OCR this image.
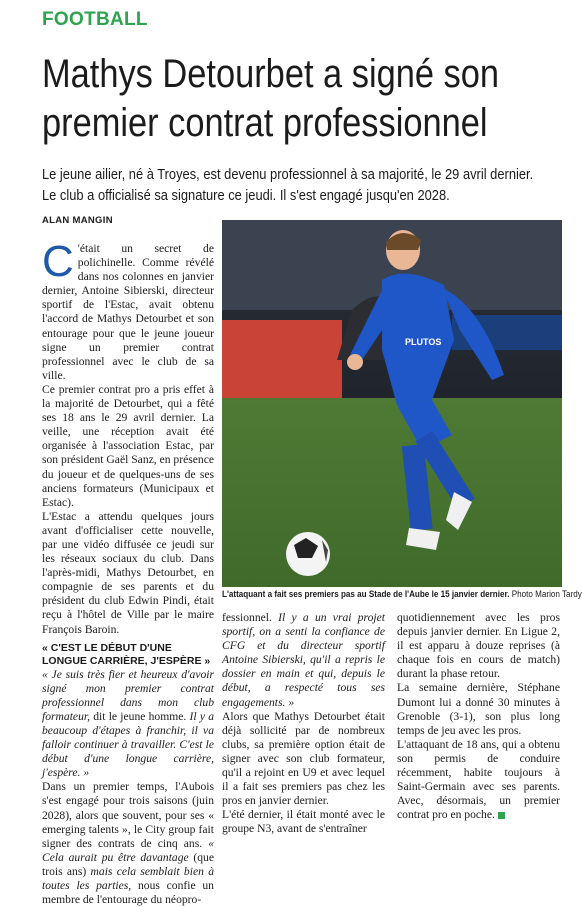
FOOTBALL
Mathys Detourbet a signé son
premier contrat professionnel
Le jeune ailier, né à Troyes, est devenu professionnel à sa majorité, le 29 avril dernier.
Le club a officialisé sa signature ce jeudi. Il s'est engagé jusqu'en 2028.
ALAN MANGIN

C 'était un secret de polichinelle. Comme révélé dans nos colonnes en janvier dernier, Antoine Sibierski, directeur sportif de l'Estac, avait obtenu l'accord de Mathys Detourbet et son entourage pour que le jeune joueur signe un premier contrat professionnel avec le club de sa ville.

Ce premier contrat pro a pris effet à la majorité de Detourbet, qui a fêté ses 18 ans le 29 avril dernier. La veille, une réception avait été organisée à l'association Estac, par son président Gaël Sanz, en présence du joueur et de quelques-uns de ses anciens formateurs (Municipaux et Estac).

L'Estac a attendu quelques jours avant d'officialiser cette nouvelle, par une vidéo diffusée ce jeudi sur les réseaux sociaux du club. Dans l'après-midi, Mathys Detourbet, en compagnie de ses parents et du président du club Edwin Pindi, était reçu à l'hôtel de Ville par le maire François Baroin.

« C'EST LE DÉBUT D'UNE LONGUE CARRIÈRE, J'ESPÈRE »

« Je suis très fier et heureux d'avoir signé mon premier contrat professionnel dans mon club formateur, dit le jeune homme. Il y a beaucoup d'étapes à franchir, il va falloir continuer à travailler. C'est le début d'une longue carrière, j'espère. »

Dans un premier temps, l'Aubois s'est engagé pour trois saisons (juin 2028), alors que souvent, pour ses « emerging talents », le City group fait signer des contrats de cinq ans. « Cela aurait pu être davantage (que trois ans) mais cela semblait bien à toutes les parties, nous confie un membre de l'entourage du néopro-

PLUTOS
L'attaquant a fait ses premiers pas au Stade de l'Aube le 15 janvier dernier. Photo Marion Tardy

fessionnel. Il y a un vrai projet sportif, on a senti la confiance de CFG et du directeur sportif Antoine Sibierski, qu'il a repris le dossier en main et qui, depuis le début, a respecté tous ses engagements. »

Alors que Mathys Detourbet était déjà sollicité par de nombreux clubs, sa première option était de signer avec son club formateur, qu'il a rejoint en U9 et avec lequel il a fait ses premiers pas chez les pros en janvier dernier.

L'été dernier, il était monté avec le groupe N3, avant de s'entraîner

quotidiennement avec les pros depuis janvier dernier. En Ligue 2, il est apparu à douze reprises (à chaque fois en cours de match) durant la phase retour.

La semaine dernière, Stéphane Dumont lui a donné 30 minutes à Grenoble (3-1), son plus long temps de jeu avec les pros.

L'attaquant de 18 ans, qui a obtenu son permis de conduire récemment, habite toujours à Saint-Germain avec ses parents. Avec, désormais, un premier contrat pro en poche.
